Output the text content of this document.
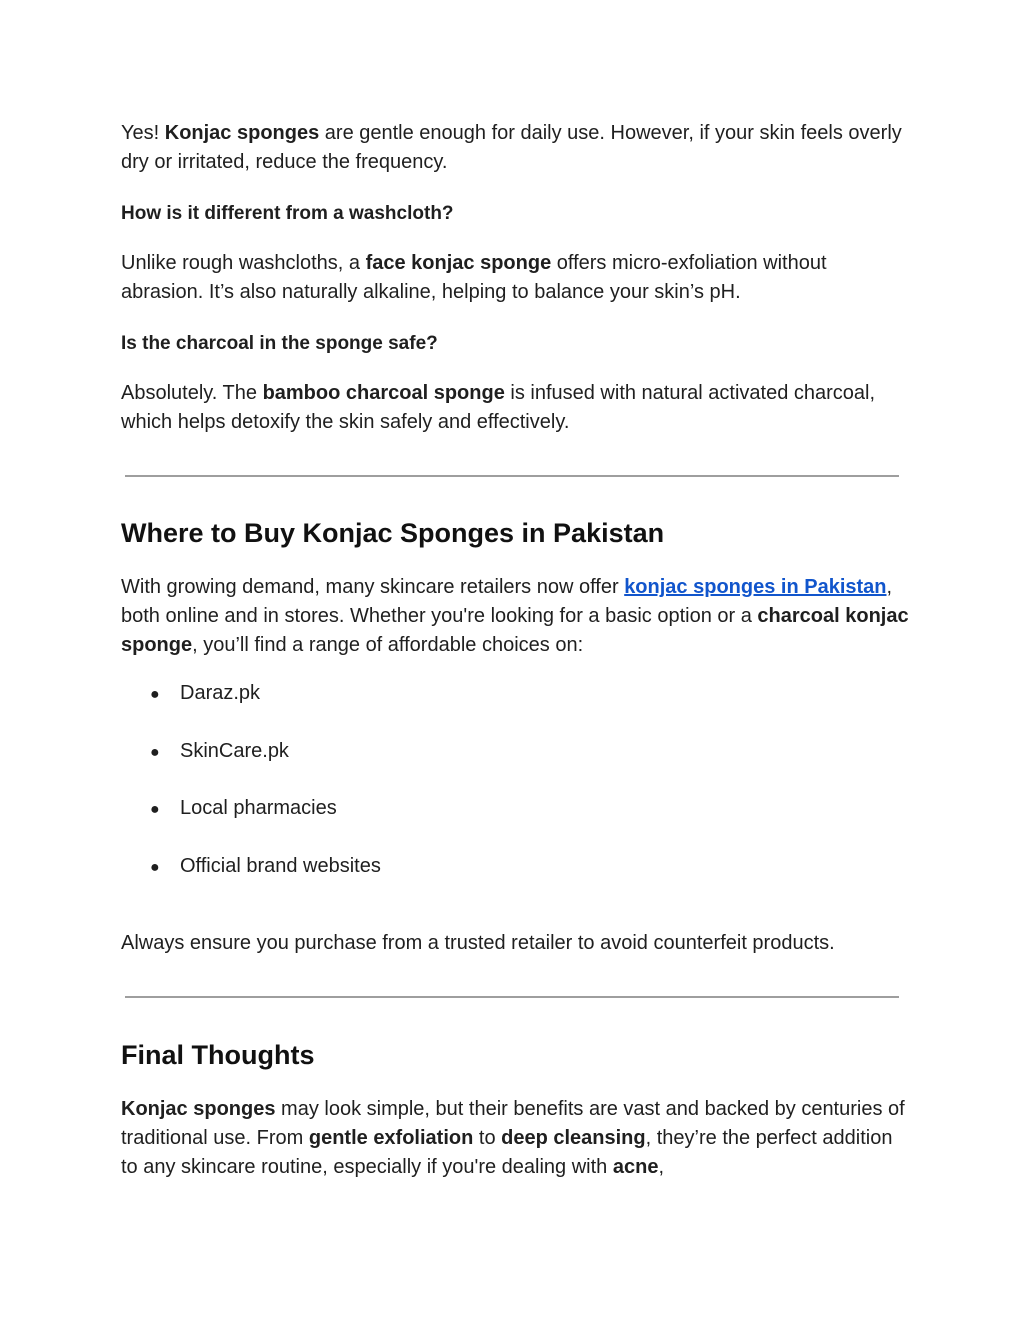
Yes! Konjac sponges are gentle enough for daily use. However, if your skin feels overly dry or irritated, reduce the frequency.

How is it different from a washcloth?

Unlike rough washcloths, a face konjac sponge offers micro-exfoliation without abrasion. It’s also naturally alkaline, helping to balance your skin’s pH.

Is the charcoal in the sponge safe?

Absolutely. The bamboo charcoal sponge is infused with natural activated charcoal, which helps detoxify the skin safely and effectively.

Where to Buy Konjac Sponges in Pakistan

With growing demand, many skincare retailers now offer konjac sponges in Pakistan, both online and in stores. Whether you're looking for a basic option or a charcoal konjac sponge, you’ll find a range of affordable choices on:

● Daraz.pk

● SkinCare.pk

● Local pharmacies

● Official brand websites

Always ensure you purchase from a trusted retailer to avoid counterfeit products.

Final Thoughts

Konjac sponges may look simple, but their benefits are vast and backed by centuries of traditional use. From gentle exfoliation to deep cleansing, they’re the perfect addition to any skincare routine, especially if you're dealing with acne,
